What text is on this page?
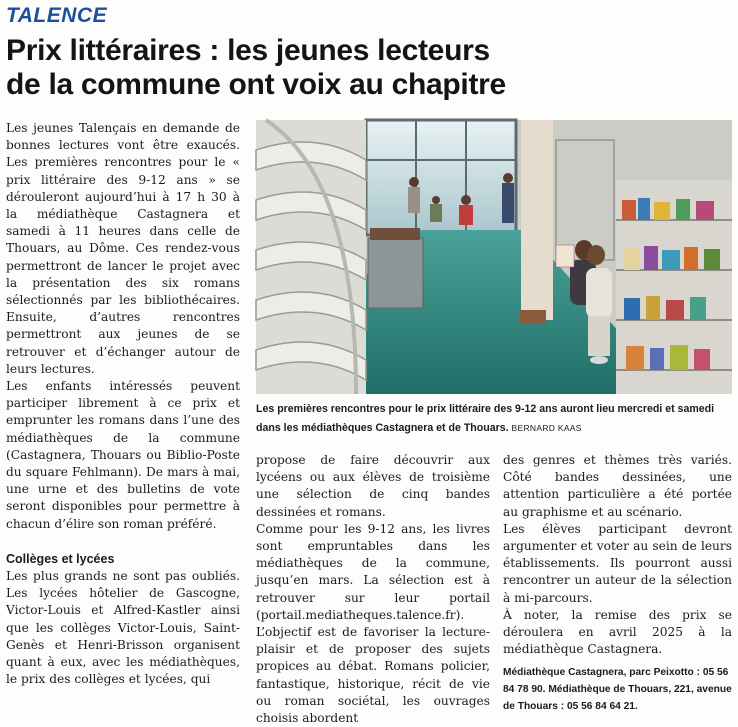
TALENCE
Prix littéraires : les jeunes lecteurs
de la commune ont voix au chapitre

Les jeunes Talençais en demande de bonnes lectures vont être exaucés. Les premières rencontres pour le « prix littéraire des 9-12 ans » se dérouleront aujourd’hui à 17 h 30 à la médiathèque Castagnera et samedi à 11 heures dans celle de Thouars, au Dôme. Ces rendez-vous permettront de lancer le projet avec la présentation des six romans sélectionnés par les bibliothécaires. Ensuite, d’autres rencontres permettront aux jeunes de se retrouver et d’échanger autour de leurs lectures.

Les enfants intéressés peuvent participer librement à ce prix et emprunter les romans dans l’une des médiathèques de la commune (Castagnera, Thouars ou Biblio-Poste du square Fehlmann). De mars à mai, une urne et des bulletins de vote seront disponibles pour permettre à chacun d’élire son roman préféré.

Collèges et lycées

Les plus grands ne sont pas oubliés. Les lycées hôtelier de Gascogne, Victor-Louis et Alfred-Kastler ainsi que les collèges Victor-Louis, Saint-Genès et Henri-Brisson organisent quant à eux, avec les médiathèques, le prix des collèges et lycées, qui

Les premières rencontres pour le prix littéraire des 9-12 ans auront lieu mercredi et samedi dans les médiathèques Castagnera et de Thouars. BERNARD KAAS

propose de faire découvrir aux lycéens ou aux élèves de troisième une sélection de cinq bandes dessinées et romans.

Comme pour les 9-12 ans, les livres sont empruntables dans les médiathèques de la commune, jusqu’en mars. La sélection est à retrouver sur leur portail (portail.mediatheques.talence.fr). L’objectif est de favoriser la lecture-plaisir et de proposer des sujets propices au débat. Romans policier, fantastique, historique, récit de vie ou roman sociétal, les ouvrages choisis abordent

des genres et thèmes très variés. Côté bandes dessinées, une attention particulière a été portée au graphisme et au scénario.

Les élèves participant devront argumenter et voter au sein de leurs établissements. Ils pourront aussi rencontrer un auteur de la sélection à mi-parcours.

À noter, la remise des prix se déroulera en avril 2025 à la médiathèque Castagnera.

Médiathèque Castagnera, parc Peixotto : 05 56 84 78 90. Médiathèque de Thouars, 221, avenue de Thouars : 05 56 84 64 21.
